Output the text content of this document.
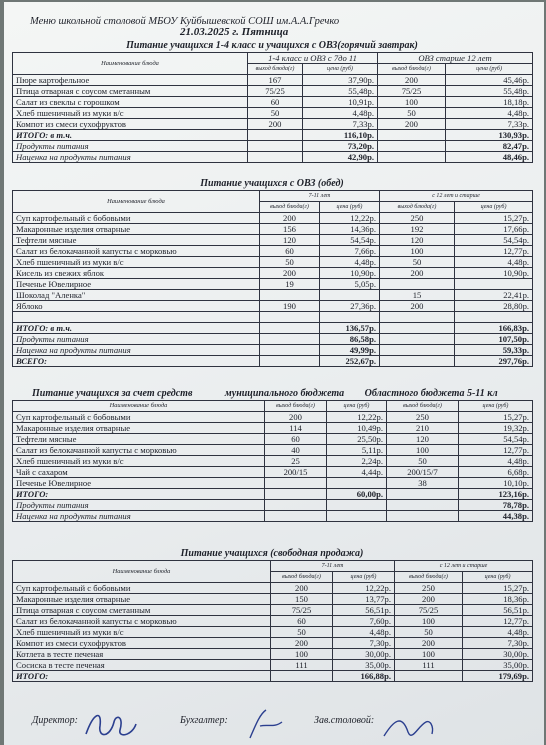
Меню школьной столовой МБОУ Куйбышевской СОШ им.А.А.Гречко
21.03.2025 г. Пятница
Питание учащихся 1-4 класс и учащихся с ОВЗ(горячий завтрак)
Наименование блюда	1-4 класс и ОВЗ с 7до 11		ОВЗ старше 12 лет	
	выход блюда(г)	цена (руб)	выход блюда(г)	цена (руб)
Пюре картофельное	167	37,90р.	200	45,46р.
Птица отварная с соусом сметанным	75/25	55,48р.	75/25	55,48р.
Салат из свеклы с горошком	60	10,91р.	100	18,18р.
Хлеб пшеничный из муки в/с	50	4,48р.	50	4,48р.
Компот из смеси сухофруктов	200	7,33р.	200	7,33р.
ИТОГО: в т.ч.		116,10р.		130,93р.
Продукты питания		73,20р.		82,47р.
Наценка на продукты питания		42,90р.		48,46р.
Питание учащихся с ОВЗ (обед)
Наименование блюда	7-11 лет		с 12 лет и старше	
	выход блюда(г)	цена (руб)	выход блюда(г)	цена (руб)
Суп картофельный с бобовыми	200	12,22р.	250	15,27р.
Макаронные изделия отварные	156	14,36р.	192	17,66р.
Тефтели мясные	120	54,54р.	120	54,54р.
Салат из белокачанной капусты с морковью	60	7,66р.	100	12,77р.
Хлеб пшеничный из муки в/с	50	4,48р.	50	4,48р.
Кисель из свежих яблок	200	10,90р.	200	10,90р.
Печенье Ювелирное	19	5,05р.		
Шоколад "Аленка"			15	22,41р.
Яблоко	190	27,36р.	200	28,80р.

ИТОГО: в т.ч.		136,57р.		166,83р.
Продукты питания		86,58р.		107,50р.
Наценка на продукты питания		49,99р.		59,33р.
ВСЕГО:		252,67р.		297,76р.
Питание учащихся за счет средств	муниципального бюджета Областного бюджета 5-11 кл
Наименование блюда	выход блюда(г)	цена (руб)	выход блюда(г)	цена (руб)
Суп картофельный с бобовыми	200	12,22р.	250	15,27р.
Макаронные изделия отварные	114	10,49р.	210	19,32р.
Тефтели мясные	60	25,50р.	120	54,54р.
Салат из белокачанной капусты с морковью	40	5,11р.	100	12,77р.
Хлеб пшеничный из муки в/с	25	2,24р.	50	4,48р.
Чай с сахаром	200/15	4,44р.	200/15/7	6,68р.
Печенье Ювелирное			38	10,10р.
ИТОГО:		60,00р.		123,16р.
Продукты питания				78,78р.
Наценка на продукты питания				44,38р.
Питание учащихся (свободная продажа)
Наименование блюда	7-11 лет		с 12 лет и старше	
	выход блюда(г)	цена (руб)	выход блюда(г)	цена (руб)
Суп картофельный с бобовыми	200	12,22р.	250	15,27р.
Макаронные изделия отварные	150	13,77р.	200	18,36р.
Птица отварная с соусом сметанным	75/25	56,51р.	75/25	56,51р.
Салат из белокачанной капусты с морковью	60	7,60р.	100	12,77р.
Хлеб пшеничный из муки в/с	50	4,48р.	50	4,48р.
Компот из смеси сухофруктов	200	7,30р.	200	7,30р.
Котлета в тесте печеная	100	30,00р.	100	30,00р.
Сосиска в тесте печеная	111	35,00р.	111	35,00р.
ИТОГО:		166,88р.		179,69р.
Директор:	Бухгалтер:	Зав.столовой:
